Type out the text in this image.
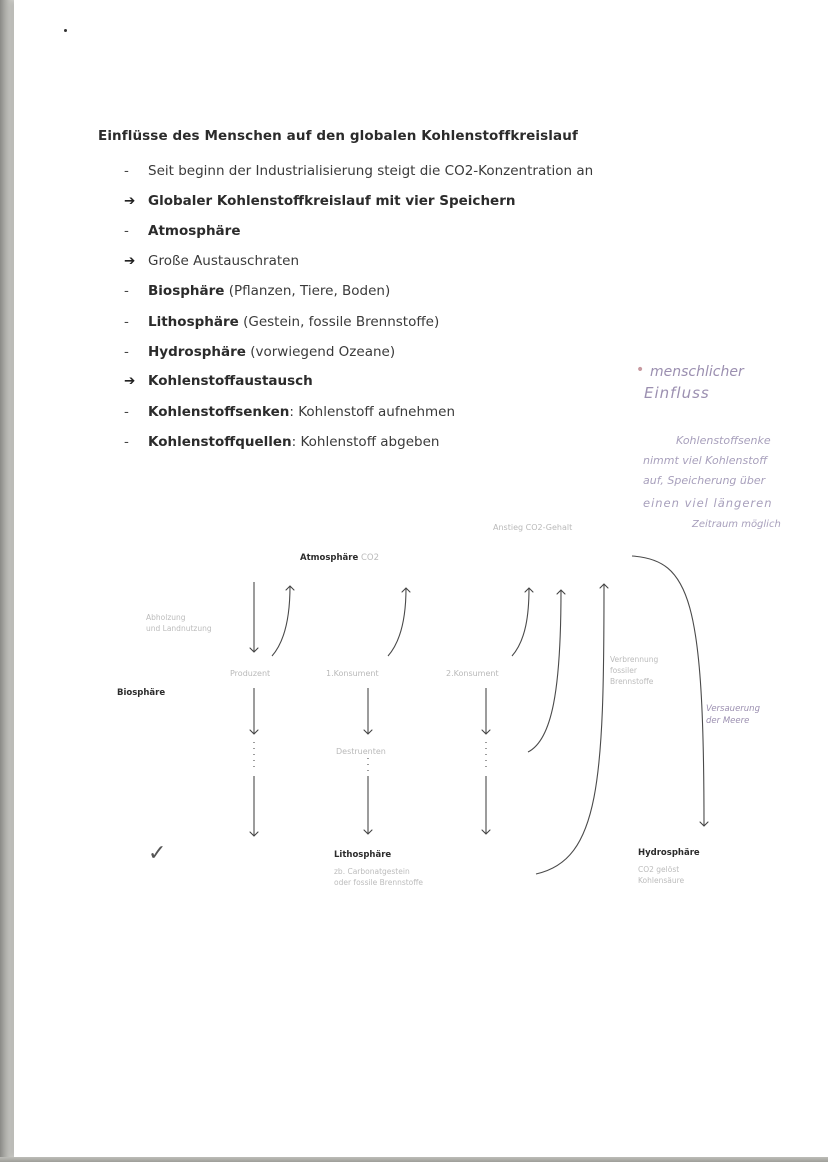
Einflüsse des Menschen auf den globalen Kohlenstoffkreislauf
- Seit beginn der Industrialisierung steigt die CO2-Konzentration an
➔ Globaler Kohlenstoffkreislauf mit vier Speichern
- Atmosphäre
➔ Große Austauschraten
- Biosphäre (Pflanzen, Tiere, Boden)
- Lithosphäre (Gestein, fossile Brennstoffe)
- Hydrosphäre (vorwiegend Ozeane)
➔ Kohlenstoffaustausch
- Kohlenstoffsenken: Kohlenstoff aufnehmen
- Kohlenstoffquellen: Kohlenstoff abgeben
• menschlicher
Einfluss
Kohlenstoffsenke
nimmt viel Kohlenstoff
auf, Speicherung über
einen viel längeren
Zeitraum möglich
Versauerung
der Meere
✓
Anstieg CO2-Gehalt
Atmosphäre CO2
Abholzung
und Landnutzung
Produzent	1.Konsument	2.Konsument
Biosphäre
Destruenten
Verbrennung
fossiler
Brennstoffe
Lithosphäre
zb. Carbonatgestein
oder fossile Brennstoffe
Hydrosphäre
CO2 gelöst
Kohlensäure
